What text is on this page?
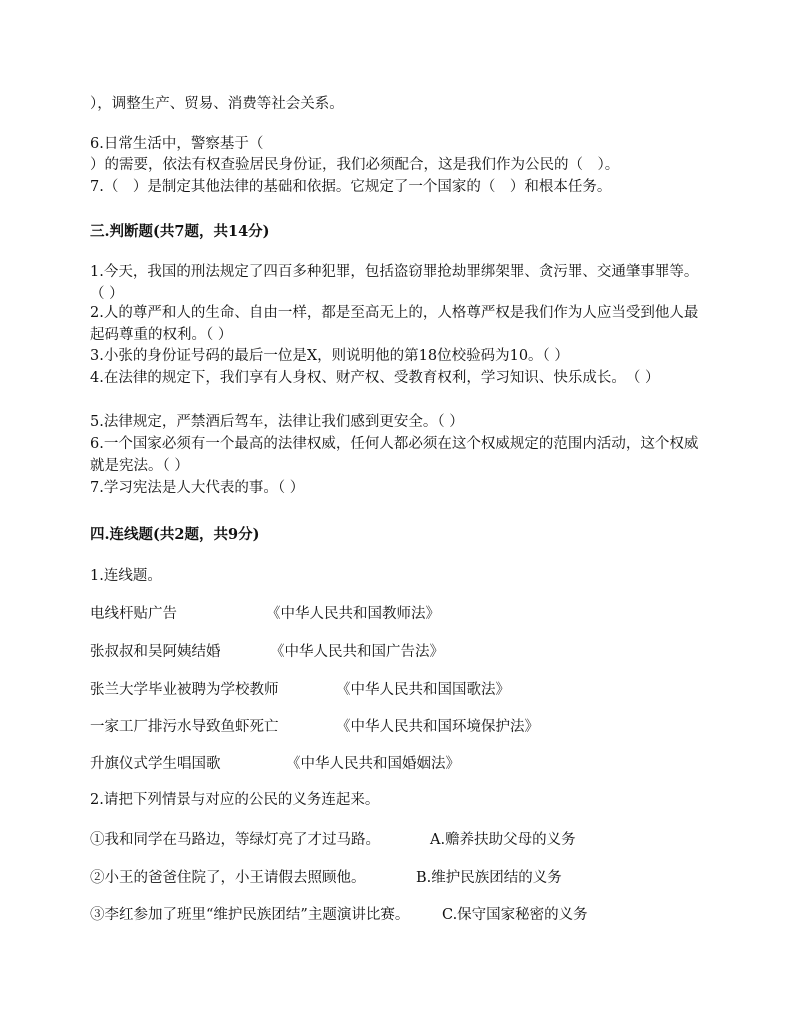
），调整生产、贸易、消费等社会关系。
6.日常生活中，警察基于（
）的需要，依法有权查验居民身份证，我们必须配合，这是我们作为公民的（　）。
7.（　）是制定其他法律的基础和依据。它规定了一个国家的（　）和根本任务。
三.判断题(共7题，共14分)
1.今天，我国的刑法规定了四百多种犯罪，包括盗窃罪抢劫罪绑架罪、贪污罪、交通肇事罪等。（ ）
2.人的尊严和人的生命、自由一样，都是至高无上的，人格尊严权是我们作为人应当受到他人最起码尊重的权利。（ ）
3.小张的身份证号码的最后一位是X，则说明他的第18位校验码为10。（ ）
4.在法律的规定下，我们享有人身权、财产权、受教育权利，学习知识、快乐成长。　（ ）
5.法律规定，严禁酒后驾车，法律让我们感到更安全。（ ）
6.一个国家必须有一个最高的法律权威，任何人都必须在这个权威规定的范围内活动，这个权威就是宪法。（ ）
7.学习宪法是人大代表的事。（ ）
四.连线题(共2题，共9分)
1.连线题。
电线杆贴广告	《中华人民共和国教师法》
张叔叔和吴阿姨结婚	《中华人民共和国广告法》
张兰大学毕业被聘为学校教师	《中华人民共和国国歌法》
一家工厂排污水导致鱼虾死亡	《中华人民共和国环境保护法》
升旗仪式学生唱国歌	《中华人民共和国婚姻法》
2.请把下列情景与对应的公民的义务连起来。
①我和同学在马路边，等绿灯亮了才过马路。	A.赡养扶助父母的义务
②小王的爸爸住院了，小王请假去照顾他。	B.维护民族团结的义务
③李红参加了班里“维护民族团结”主题演讲比赛。 C.保守国家秘密的义务
